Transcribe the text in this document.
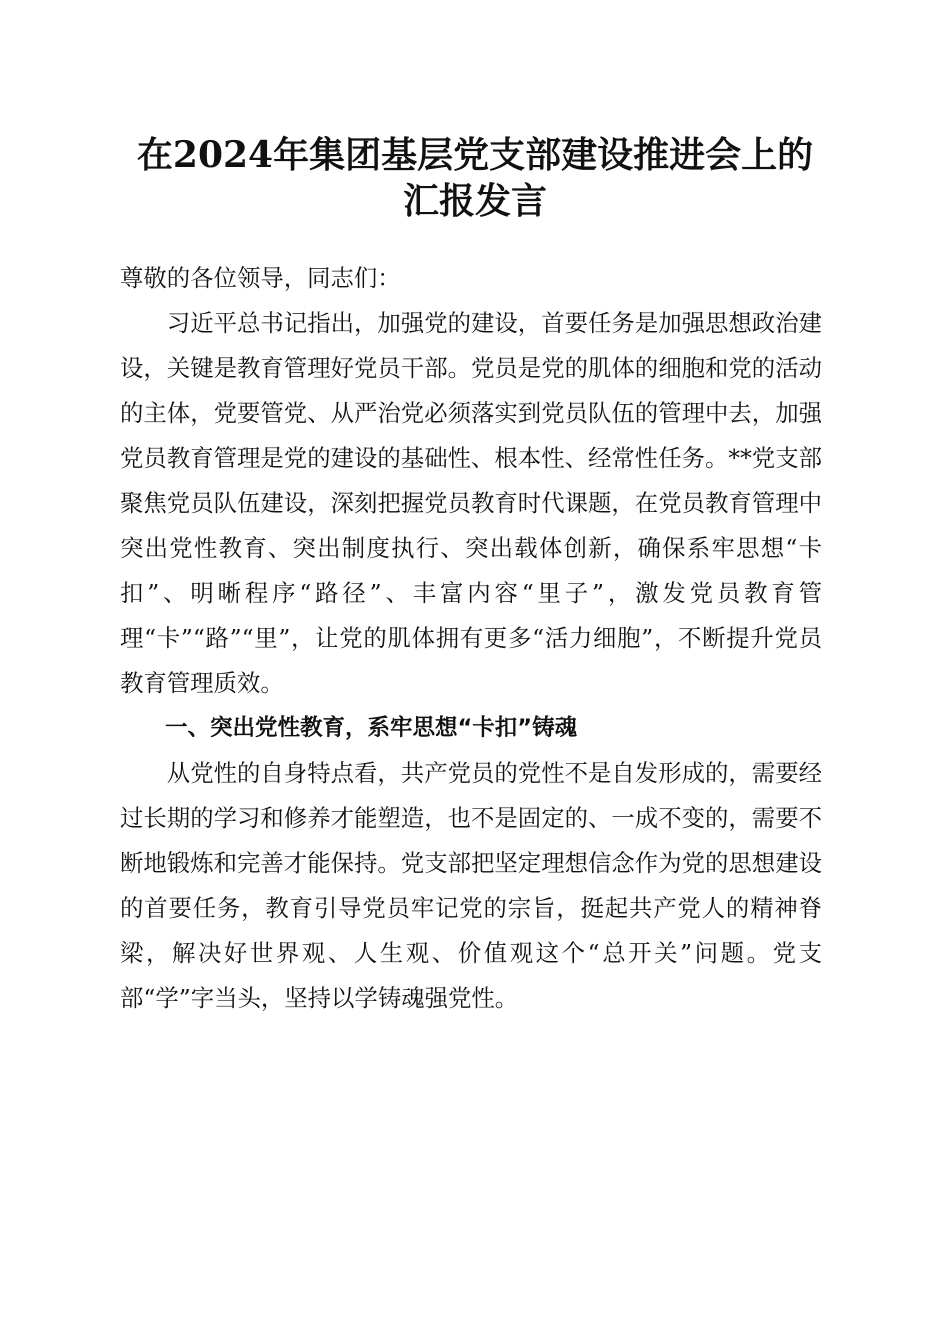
在2024年集团基层党支部建设推进会上的汇报发言

尊敬的各位领导，同志们：

习近平总书记指出，加强党的建设，首要任务是加强思想政治建设，关键是教育管理好党员干部。党员是党的肌体的细胞和党的活动的主体，党要管党、从严治党必须落实到党员队伍的管理中去，加强党员教育管理是党的建设的基础性、根本性、经常性任务。**党支部聚焦党员队伍建设，深刻把握党员教育时代课题，在党员教育管理中突出党性教育、突出制度执行、突出载体创新，确保系牢思想“卡扣”、明晰程序“路径”、丰富内容“里子”，激发党员教育管理“卡”“路”“里”，让党的肌体拥有更多“活力细胞”，不断提升党员教育管理质效。

一、突出党性教育，系牢思想“卡扣”铸魂

从党性的自身特点看，共产党员的党性不是自发形成的，需要经过长期的学习和修养才能塑造，也不是固定的、一成不变的，需要不断地锻炼和完善才能保持。党支部把坚定理想信念作为党的思想建设的首要任务，教育引导党员牢记党的宗旨，挺起共产党人的精神脊梁，解决好世界观、人生观、价值观这个“总开关”问题。党支部“学”字当头，坚持以学铸魂强党性。
